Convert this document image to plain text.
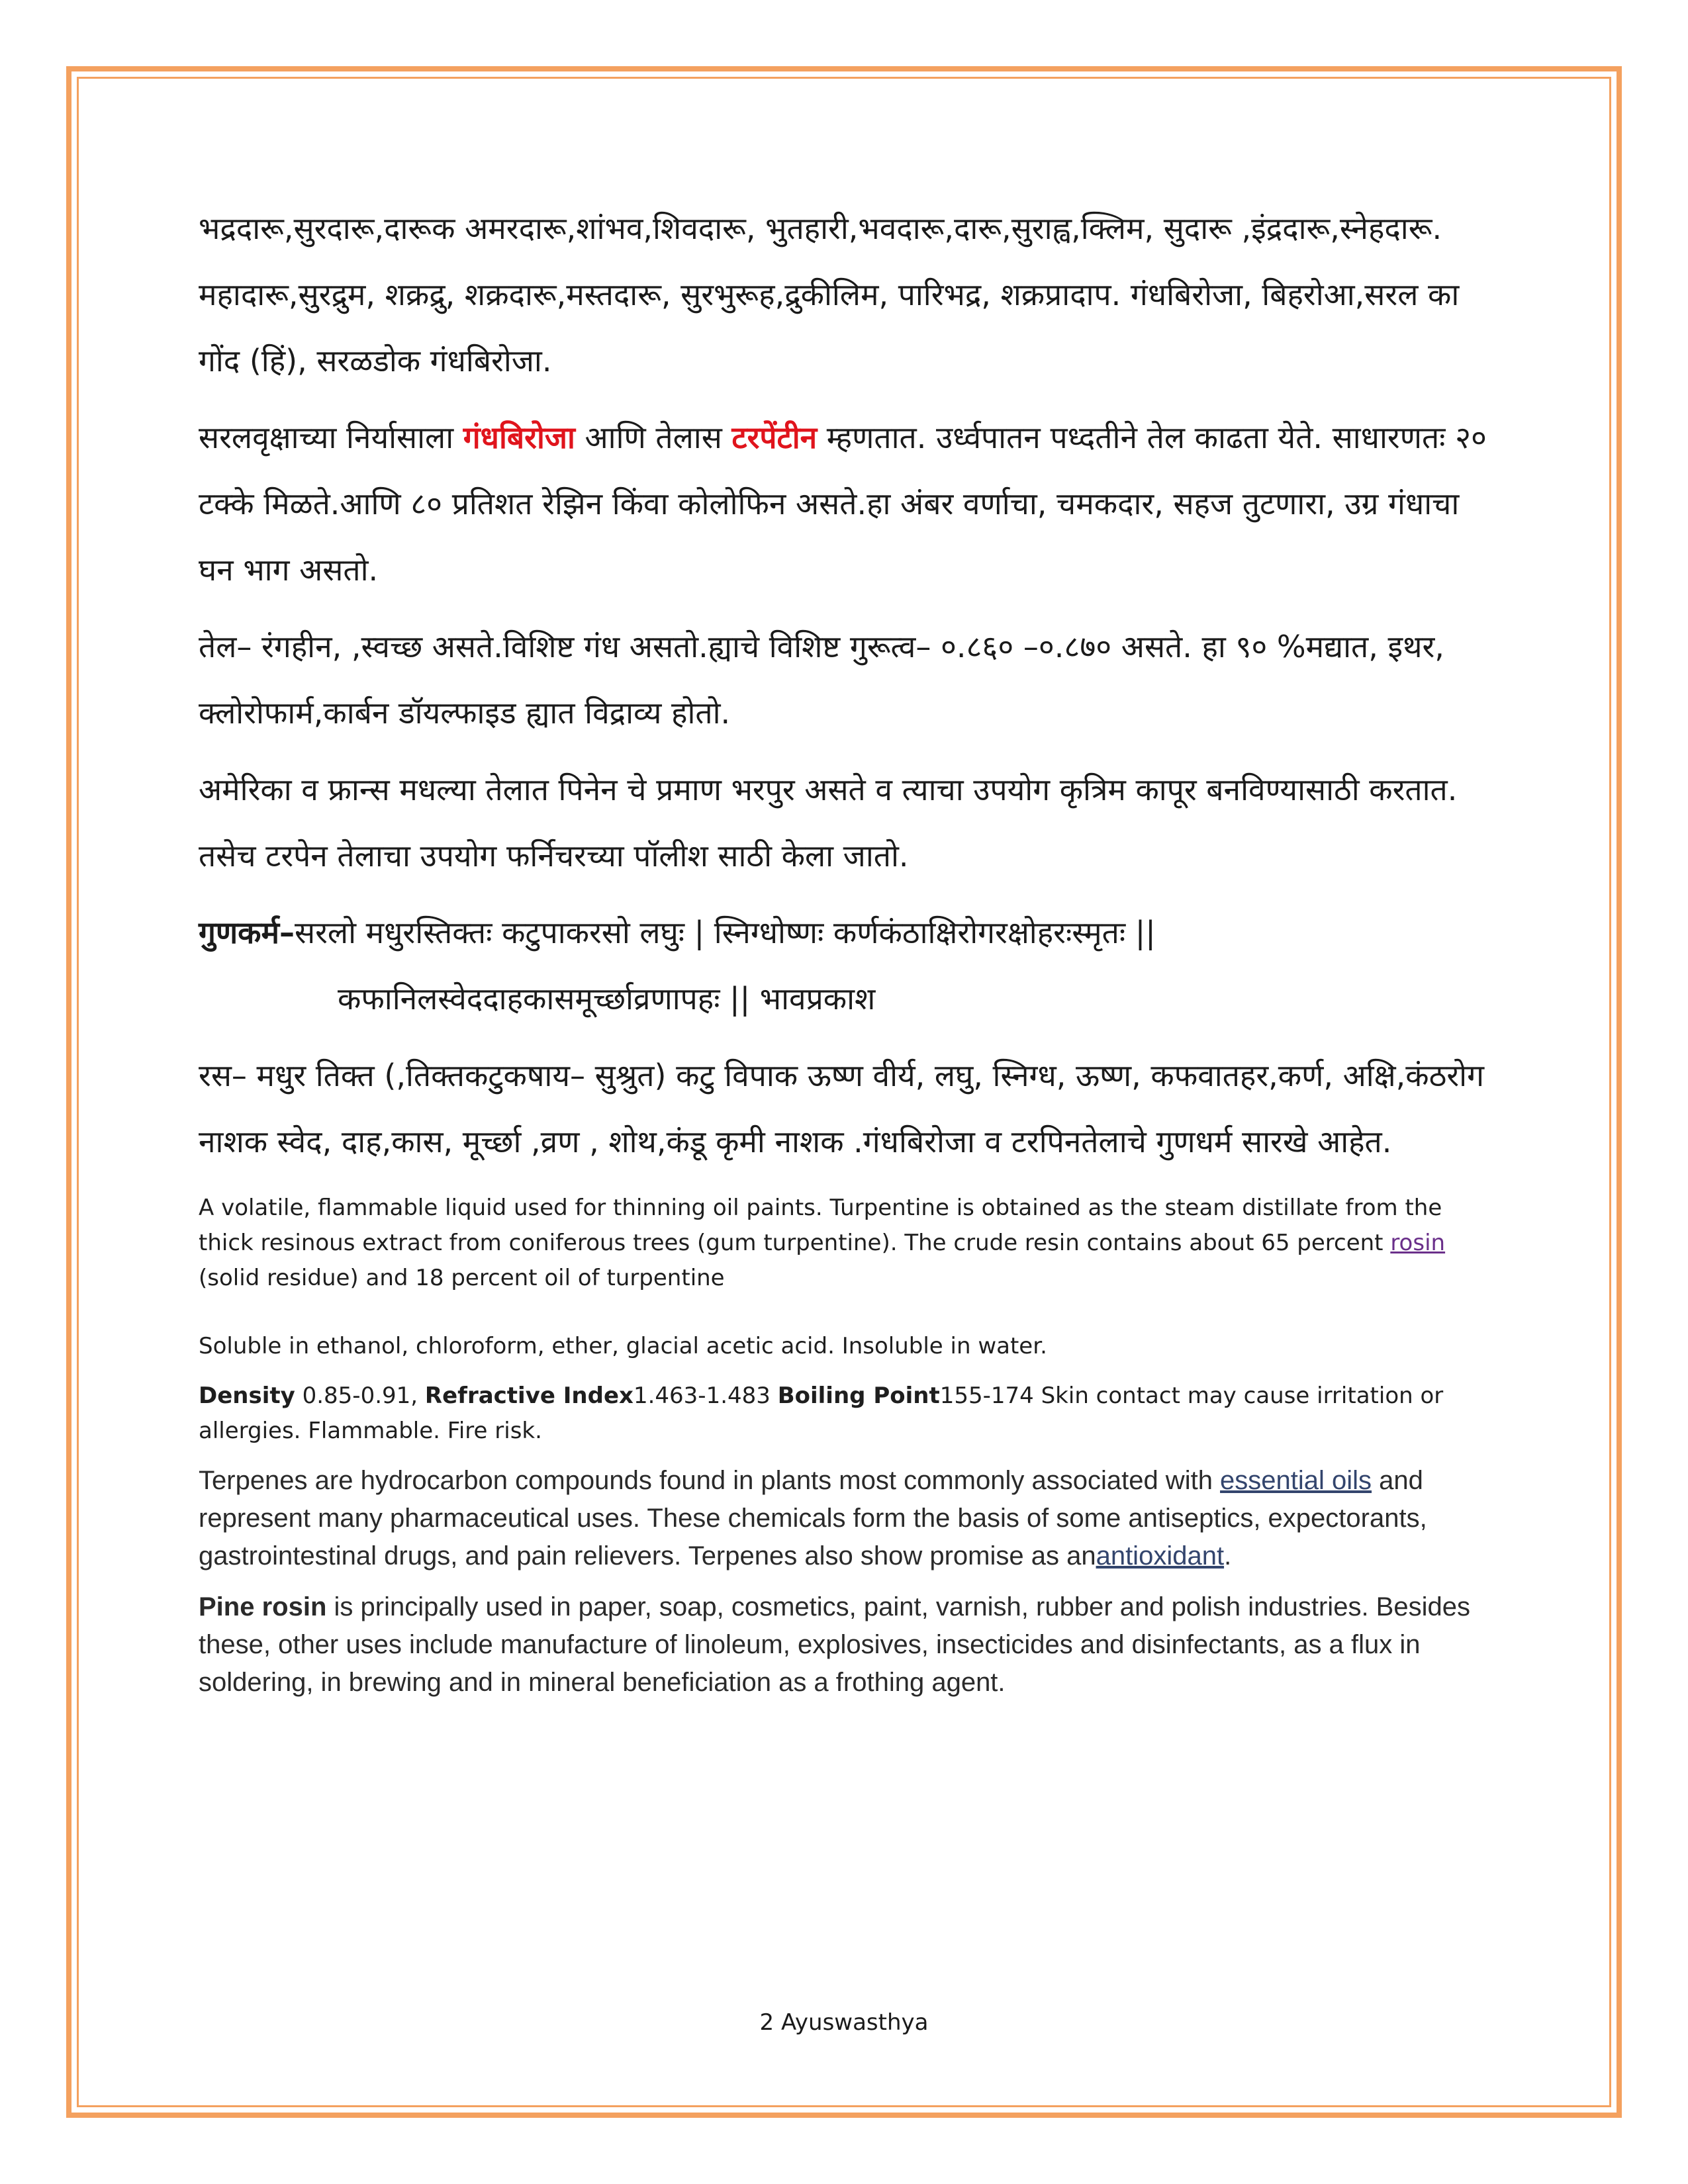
भद्रदारू,सुरदारू,दारूक अमरदारू,शांभव,शिवदारू, भुतहारी,भवदारू,दारू,सुराह्व,क्लिम, सुदारू ,इंद्रदारू,स्नेहदारू. महादारू,सुरद्रुम, शक्रद्रु, शक्रदारू,मस्तदारू, सुरभुरूह,द्रुकीलिम, पारिभद्र, शक्रप्रादाप. गंधबिरोजा, बिहरोआ,सरल का गोंद (हिं), सरळडोक गंधबिरोजा.

सरलवृक्षाच्या निर्यासाला गंधबिरोजा आणि तेलास टरपेंटीन म्हणतात. उर्ध्वपातन पध्दतीने तेल काढता येते. साधारणतः २० टक्के मिळते.आणि ८० प्रतिशत रेझिन किंवा कोलोफिन असते.हा अंबर वर्णाचा, चमकदार, सहज तुटणारा, उग्र गंधाचा घन भाग असतो.

तेल– रंगहीन, ,स्वच्छ असते.विशिष्ट गंध असतो.ह्याचे विशिष्ट गुरूत्व– ०.८६० –०.८७० असते. हा ९० %मद्यात, इथर, क्लोरोफार्म,कार्बन डॉयल्फाइड ह्यात विद्राव्य होतो.

अमेरिका व फ्रान्स मधल्या तेलात पिनेन चे प्रमाण भरपुर असते व त्याचा उपयोग कृत्रिम कापूर बनविण्यासाठी करतात. तसेच टरपेन तेलाचा उपयोग फर्निचरच्या पॉलीश साठी केला जातो.

गुणकर्म–सरलो मधुरस्तिक्तः कटुपाकरसो लघुः | स्निग्धोष्णः कर्णकंठाक्षिरोगरक्षोहरःस्मृतः ||

कफानिलस्वेददाहकासमूर्च्छाव्रणापहः || भावप्रकाश

रस– मधुर तिक्त (,तिक्तकटुकषाय– सुश्रुत) कटु विपाक ऊष्ण वीर्य, लघु, स्निग्ध, ऊष्ण, कफवातहर,कर्ण, अक्षि,कंठरोग नाशक स्वेद, दाह,कास, मूर्च्छा ,व्रण , शोथ,कंडू कृमी नाशक .गंधबिरोजा व टरपिनतेलाचे गुणधर्म सारखे आहेत.

A volatile, flammable liquid used for thinning oil paints. Turpentine is obtained as the steam distillate from the thick resinous extract from coniferous trees (gum turpentine). The crude resin contains about 65 percent rosin (solid residue) and 18 percent oil of turpentine

Soluble in ethanol, chloroform, ether, glacial acetic acid. Insoluble in water.

Density 0.85-0.91, Refractive Index1.463-1.483 Boiling Point155-174 Skin contact may cause irritation or allergies. Flammable. Fire risk.

Terpenes are hydrocarbon compounds found in plants most commonly associated with essential oils and represent many pharmaceutical uses. These chemicals form the basis of some antiseptics, expectorants, gastrointestinal drugs, and pain relievers. Terpenes also show promise as anantioxidant.

Pine rosin is principally used in paper, soap, cosmetics, paint, varnish, rubber and polish industries. Besides these, other uses include manufacture of linoleum, explosives, insecticides and disinfectants, as a flux in soldering, in brewing and in mineral beneficiation as a frothing agent.

2 Ayuswasthya
